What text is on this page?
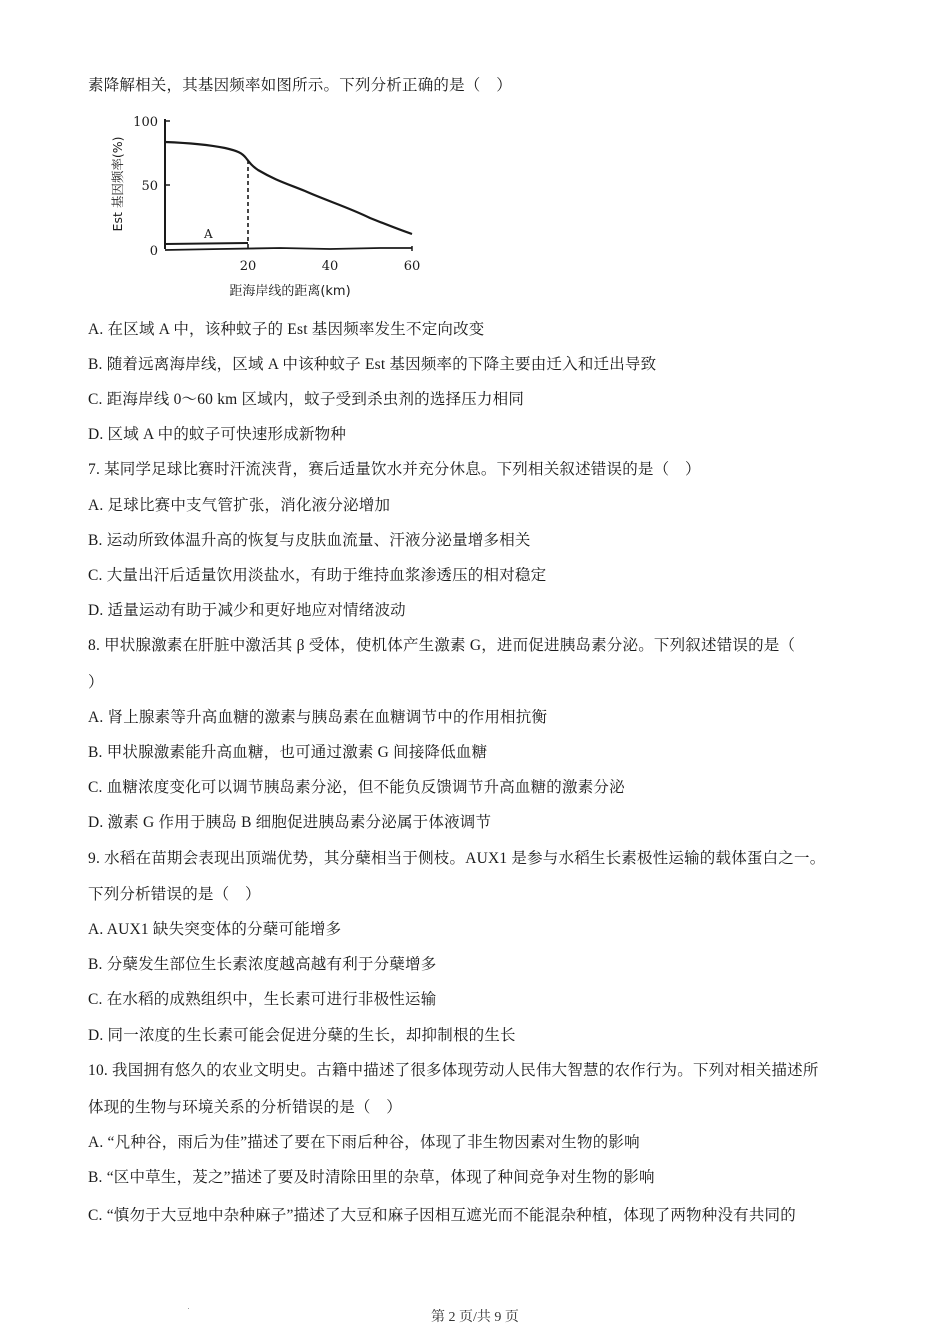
素降解相关，其基因频率如图所示。下列分析正确的是（　）
A
100
50
0
20	40	60
距海岸线的距离(km)
Est 基因频率(%)
A. 在区域 A 中，该种蚊子的 Est 基因频率发生不定向改变
B. 随着远离海岸线，区域 A 中该种蚊子 Est 基因频率的下降主要由迁入和迁出导致
C. 距海岸线 0～60 km 区域内，蚊子受到杀虫剂的选择压力相同
D. 区域 A 中的蚊子可快速形成新物种
7. 某同学足球比赛时汗流浃背，赛后适量饮水并充分休息。下列相关叙述错误的是（　）
A. 足球比赛中支气管扩张，消化液分泌增加
B. 运动所致体温升高的恢复与皮肤血流量、汗液分泌量增多相关
C. 大量出汗后适量饮用淡盐水，有助于维持血浆渗透压的相对稳定
D. 适量运动有助于减少和更好地应对情绪波动
8. 甲状腺激素在肝脏中激活其 β 受体，使机体产生激素 G，进而促进胰岛素分泌。下列叙述错误的是（
）
A. 肾上腺素等升高血糖的激素与胰岛素在血糖调节中的作用相抗衡
B. 甲状腺激素能升高血糖，也可通过激素 G 间接降低血糖
C. 血糖浓度变化可以调节胰岛素分泌，但不能负反馈调节升高血糖的激素分泌
D. 激素 G 作用于胰岛 B 细胞促进胰岛素分泌属于体液调节
9. 水稻在苗期会表现出顶端优势，其分蘖相当于侧枝。AUX1 是参与水稻生长素极性运输的载体蛋白之一。
下列分析错误的是（　）
A. AUX1 缺失突变体的分蘖可能增多
B. 分蘖发生部位生长素浓度越高越有利于分蘖增多
C. 在水稻的成熟组织中，生长素可进行非极性运输
D. 同一浓度的生长素可能会促进分蘖的生长，却抑制根的生长
10. 我国拥有悠久的农业文明史。古籍中描述了很多体现劳动人民伟大智慧的农作行为。下列对相关描述所
体现的生物与环境关系的分析错误的是（　）
A. “凡种谷，雨后为佳”描述了要在下雨后种谷，体现了非生物因素对生物的影响
B. “区中草生，茇之”描述了要及时清除田里的杂草，体现了种间竞争对生物的影响
C. “慎勿于大豆地中杂种麻子”描述了大豆和麻子因相互遮光而不能混杂种植，体现了两物种没有共同的
第 2 页/共 9 页
